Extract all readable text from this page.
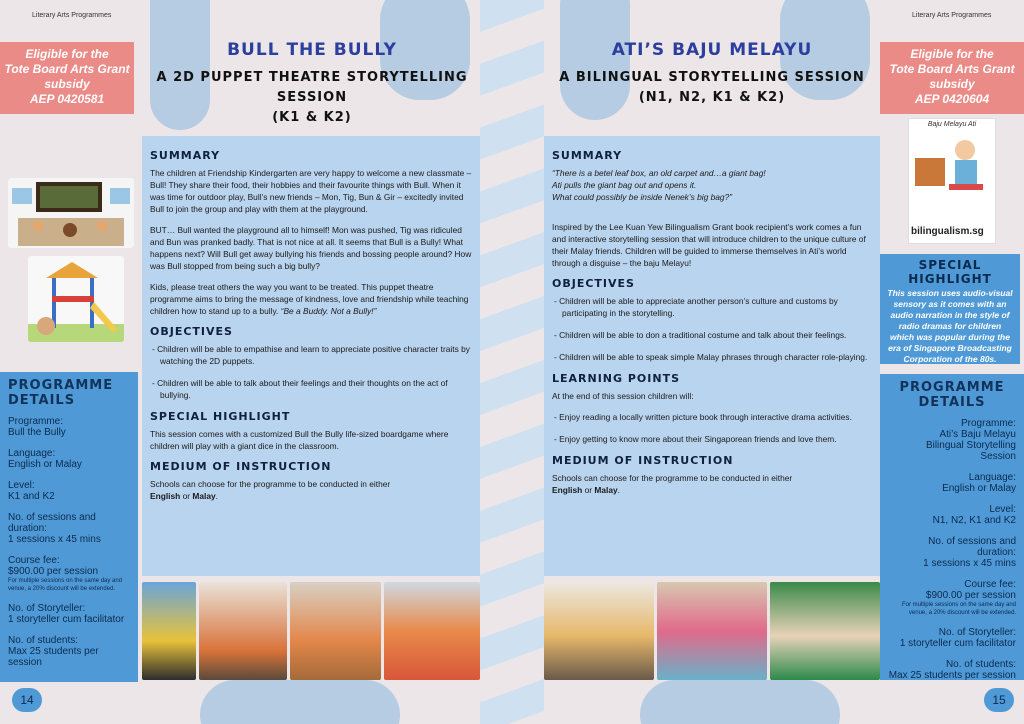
Literary Arts Programmes	Literary Arts Programmes
Eligible for the
Tote Board Arts Grant
subsidy
AEP 0420581
PROGRAMME DETAILS
Programme:
Bull the Bully
Language:
English or Malay
Level:
K1 and K2
No. of sessions and duration:
1 sessions x 45 mins
Course fee:
$900.00 per session
For multiple sessions on the same day and venue, a 20% discount will be extended.
No. of Storyteller:
1 storyteller cum facilitator
No. of students:
Max 25 students per session
BULL THE BULLY
A 2D PUPPET THEATRE STORYTELLING SESSION
(K1 & K2)
SUMMARY

The children at Friendship Kindergarten are very happy to welcome a new classmate – Bull! They share their food, their hobbies and their favourite things with Bull. When it was time for outdoor play, Bull’s new friends – Mon, Tig, Bun & Gir – excitedly invited Bull to join the group and play with them at the playground.

BUT… Bull wanted the playground all to himself! Mon was pushed, Tig was ridiculed and Bun was pranked badly. That is not nice at all. It seems that Bull is a Bully! What happens next? Will Bull get away bullying his friends and bossing people around? How was Bull stopped from being such a big bully?

Kids, please treat others the way you want to be treated. This puppet theatre programme aims to bring the message of kindness, love and friendship while teaching children how to stand up to a bully. “Be a Buddy. Not a Bully!”

OBJECTIVES
- Children will be able to empathise and learn to appreciate positive character traits by watching the 2D puppets.
- Children will be able to talk about their feelings and their thoughts on the act of bullying.
SPECIAL HIGHLIGHT

This session comes with a customized Bull the Bully life-sized boardgame where children will play with a giant dice in the classroom.

MEDIUM OF INSTRUCTION

Schools can choose for the programme to be conducted in either
English or Malay.

14
ATI’S BAJU MELAYU
A BILINGUAL STORYTELLING SESSION
(N1, N2, K1 & K2)
SUMMARY

“There is a betel leaf box, an old carpet and…a giant bag!
Ati pulls the giant bag out and opens it.
What could possibly be inside Nenek’s big bag?”

Inspired by the Lee Kuan Yew Bilingualism Grant book recipient’s work comes a fun and interactive storytelling session that will introduce children to the unique culture of their Malay friends. Children will be guided to immerse themselves in Ati’s world through a disguise – the baju Melayu!

OBJECTIVES
- Children will be able to appreciate another person’s culture and customs by participating in the storytelling.
- Children will be able to don a traditional costume and talk about their feelings.
- Children will be able to speak simple Malay phrases through character role-playing.
LEARNING POINTS

At the end of this session children will:

- Enjoy reading a locally written picture book through interactive drama activities.
- Enjoy getting to know more about their Singaporean friends and love them.
MEDIUM OF INSTRUCTION

Schools can choose for the programme to be conducted in either
English or Malay.

Eligible for the
Tote Board Arts Grant
subsidy
AEP 0420604
Baju Melayu Ati
bilingualism.sg
SPECIAL HIGHLIGHT
This session uses audio-visual sensory as it comes with an audio narration in the style of radio dramas for children which was popular during the era of Singapore Broadcasting Corporation of the 80s.
PROGRAMME DETAILS
Programme:
Ati’s Baju Melayu
Bilingual Storytelling Session
Language:
English or Malay
Level:
N1, N2, K1 and K2
No. of sessions and duration:
1 sessions x 45 mins
Course fee:
$900.00 per session
For multiple sessions on the same day and venue, a 20% discount will be extended.
No. of Storyteller:
1 storyteller cum facilitator
No. of students:
Max 25 students per session
15
